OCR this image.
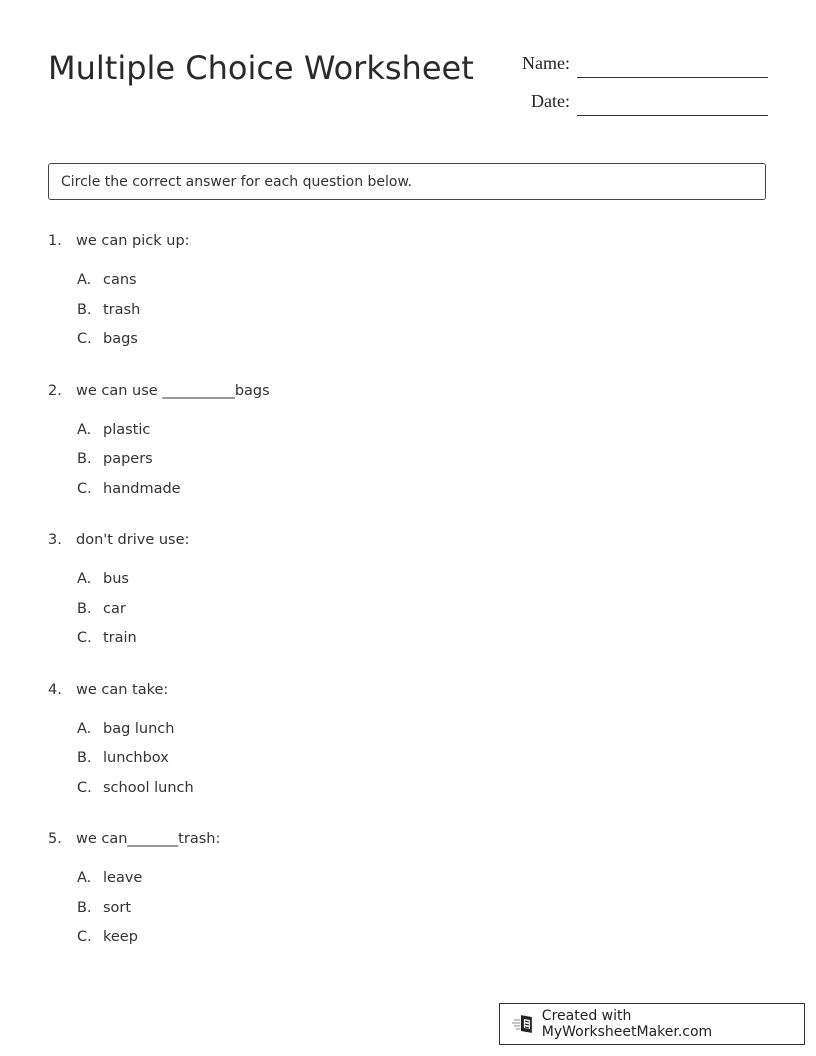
Multiple Choice Worksheet	Name:
Date:
Circle the correct answer for each question below.
1. we can pick up:
A. cans
B. trash
C. bags
2. we can use __________bags
A. plastic
B. papers
C. handmade
3. don't drive use:
A. bus
B. car
C. train
4. we can take:
A. bag lunch
B. lunchbox
C. school lunch
5. we can_______trash:
A. leave
B. sort
C. keep
Created with MyWorksheetMaker.com
